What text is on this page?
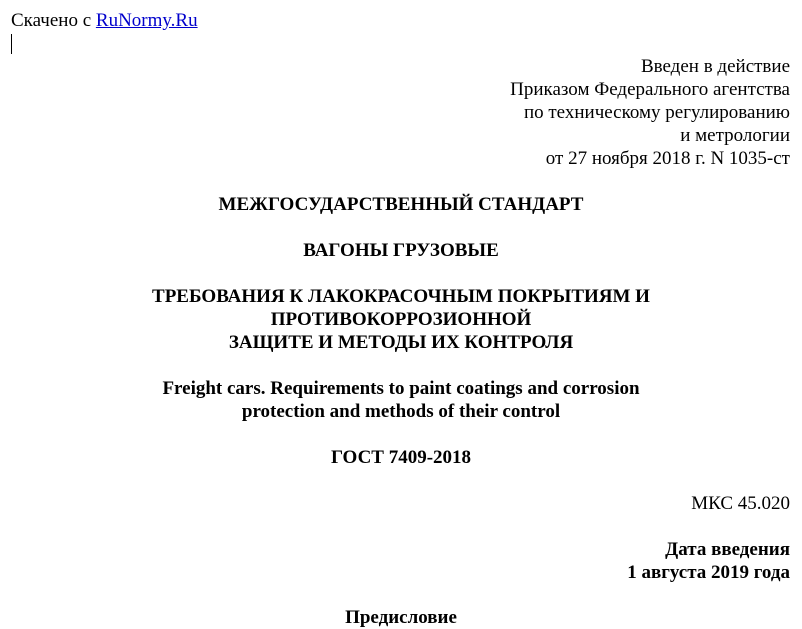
Скачено с RuNormy.Ru
Введен в действие
Приказом Федерального агентства
по техническому регулированию
и метрологии
от 27 ноября 2018 г. N 1035-ст
МЕЖГОСУДАРСТВЕННЫЙ СТАНДАРТ
ВАГОНЫ ГРУЗОВЫЕ
ТРЕБОВАНИЯ К ЛАКОКРАСОЧНЫМ ПОКРЫТИЯМ И
ПРОТИВОКОРРОЗИОННОЙ
ЗАЩИТЕ И МЕТОДЫ ИХ КОНТРОЛЯ
Freight cars. Requirements to paint coatings and corrosion
protection and methods of their control
ГОСТ 7409-2018
МКС 45.020
Дата введения
1 августа 2019 года
Предисловие
